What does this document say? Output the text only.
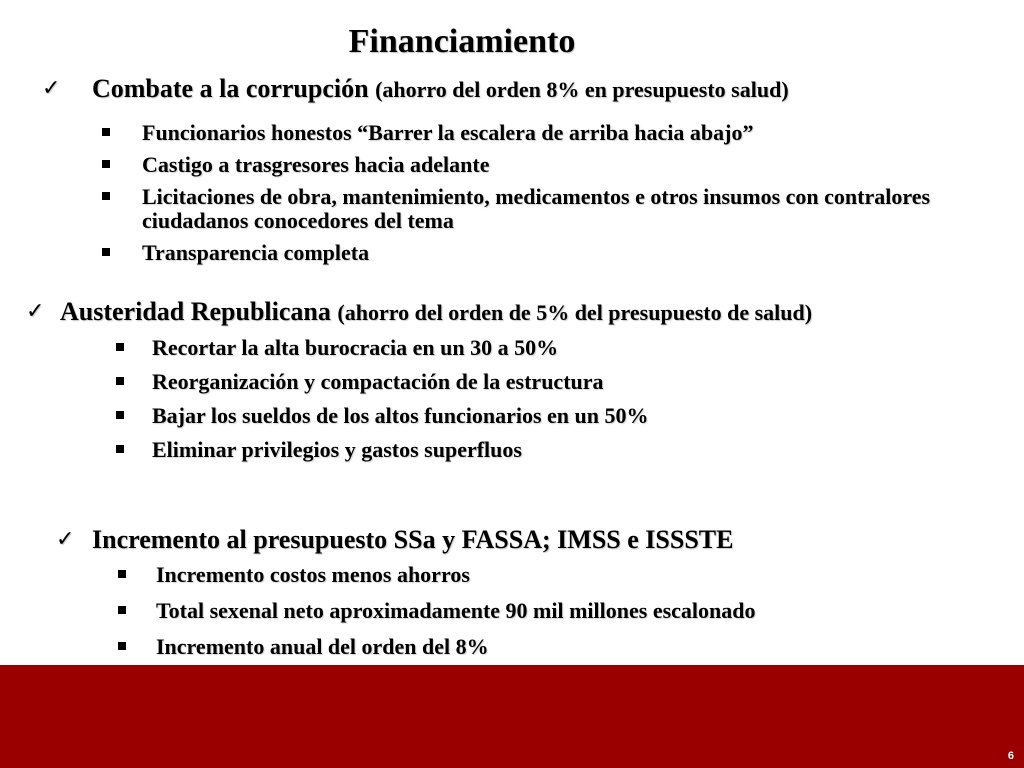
Financiamiento
✓ Combate a la corrupción (ahorro del orden 8% en presupuesto salud)
Funcionarios honestos “Barrer la escalera de arriba hacia abajo”
Castigo a trasgresores hacia adelante
Licitaciones de obra, mantenimiento, medicamentos e otros insumos con contralores ciudadanos conocedores del tema
Transparencia completa
✓ Austeridad Republicana (ahorro del orden de 5% del presupuesto de salud)
Recortar la alta burocracia en un 30 a 50%
Reorganización y compactación de la estructura
Bajar los sueldos de los altos funcionarios en un 50%
Eliminar privilegios y gastos superfluos
✓ Incremento al presupuesto SSa y FASSA; IMSS e ISSSTE
Incremento costos menos ahorros
Total sexenal neto aproximadamente 90 mil millones escalonado
Incremento anual del orden del 8%
6
